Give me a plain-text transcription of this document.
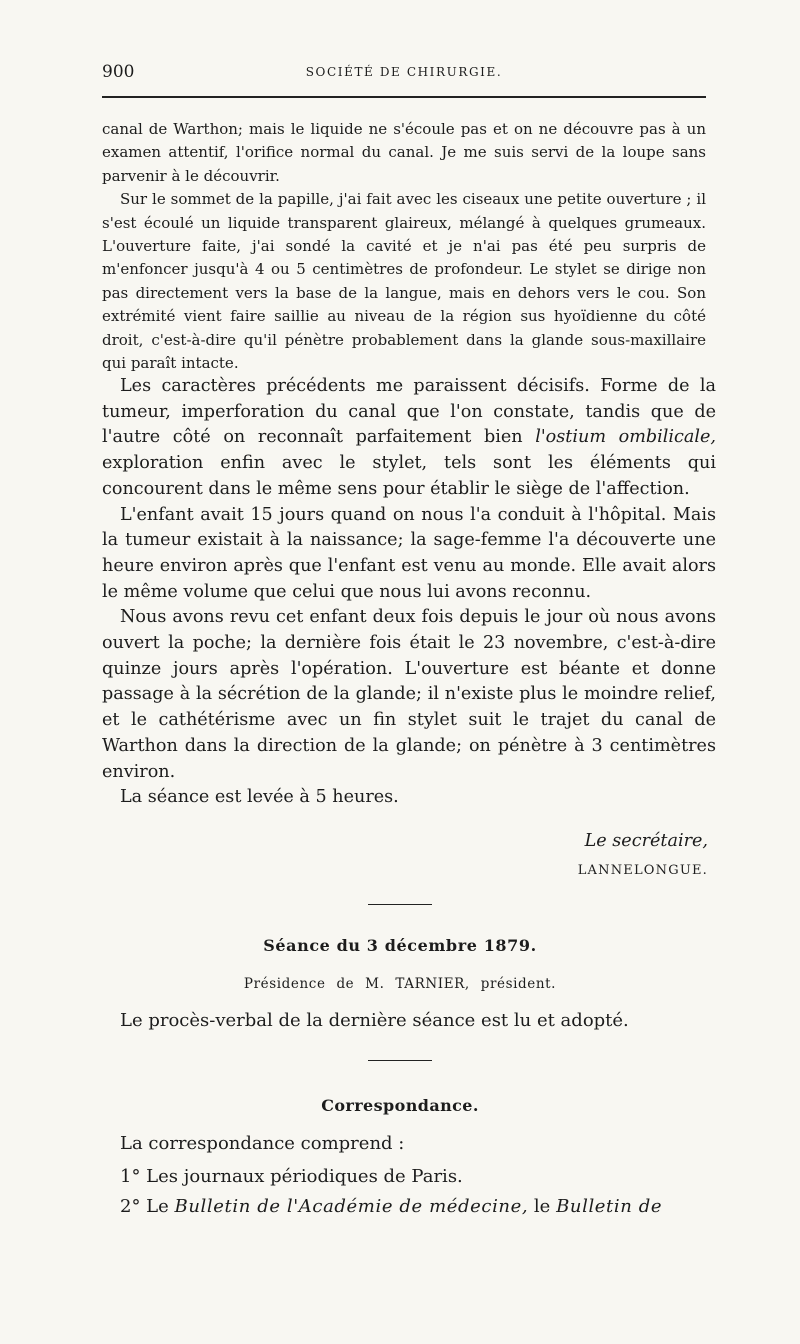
900	SOCIÉTÉ DE CHIRURGIE.

canal de Warthon; mais le liquide ne s'écoule pas et on ne découvre pas à un examen attentif, l'orifice normal du canal. Je me suis servi de la loupe sans parvenir à le découvrir.

Sur le sommet de la papille, j'ai fait avec les ciseaux une petite ouverture ; il s'est écoulé un liquide transparent glaireux, mélangé à quelques grumeaux. L'ouverture faite, j'ai sondé la cavité et je n'ai pas été peu surpris de m'enfoncer jusqu'à 4 ou 5 centimètres de profondeur. Le stylet se dirige non pas directement vers la base de la langue, mais en dehors vers le cou. Son extrémité vient faire saillie au niveau de la région sus hyoïdienne du côté droit, c'est-à-dire qu'il pénètre probablement dans la glande sous-maxillaire qui paraît intacte.

Les caractères précédents me paraissent décisifs. Forme de la tumeur, imperforation du canal que l'on constate, tandis que de l'autre côté on reconnaît parfaitement bien l'ostium ombilicale, exploration enfin avec le stylet, tels sont les éléments qui concourent dans le même sens pour établir le siège de l'affection.

L'enfant avait 15 jours quand on nous l'a conduit à l'hôpital. Mais la tumeur existait à la naissance; la sage-femme l'a découverte une heure environ après que l'enfant est venu au monde. Elle avait alors le même volume que celui que nous lui avons reconnu.

Nous avons revu cet enfant deux fois depuis le jour où nous avons ouvert la poche; la dernière fois était le 23 novembre, c'est-à-dire quinze jours après l'opération. L'ouverture est béante et donne passage à la sécrétion de la glande; il n'existe plus le moindre relief, et le cathétérisme avec un fin stylet suit le trajet du canal de Warthon dans la direction de la glande; on pénètre à 3 centimètres environ.

La séance est levée à 5 heures.

Le secrétaire,
LANNELONGUE.
Séance du 3 décembre 1879.
Présidence de M. TARNIER, président.
Le procès-verbal de la dernière séance est lu et adopté.
Correspondance.
La correspondance comprend :
1° Les journaux périodiques de Paris.
2° Le Bulletin de l'Académie de médecine, le Bulletin de
